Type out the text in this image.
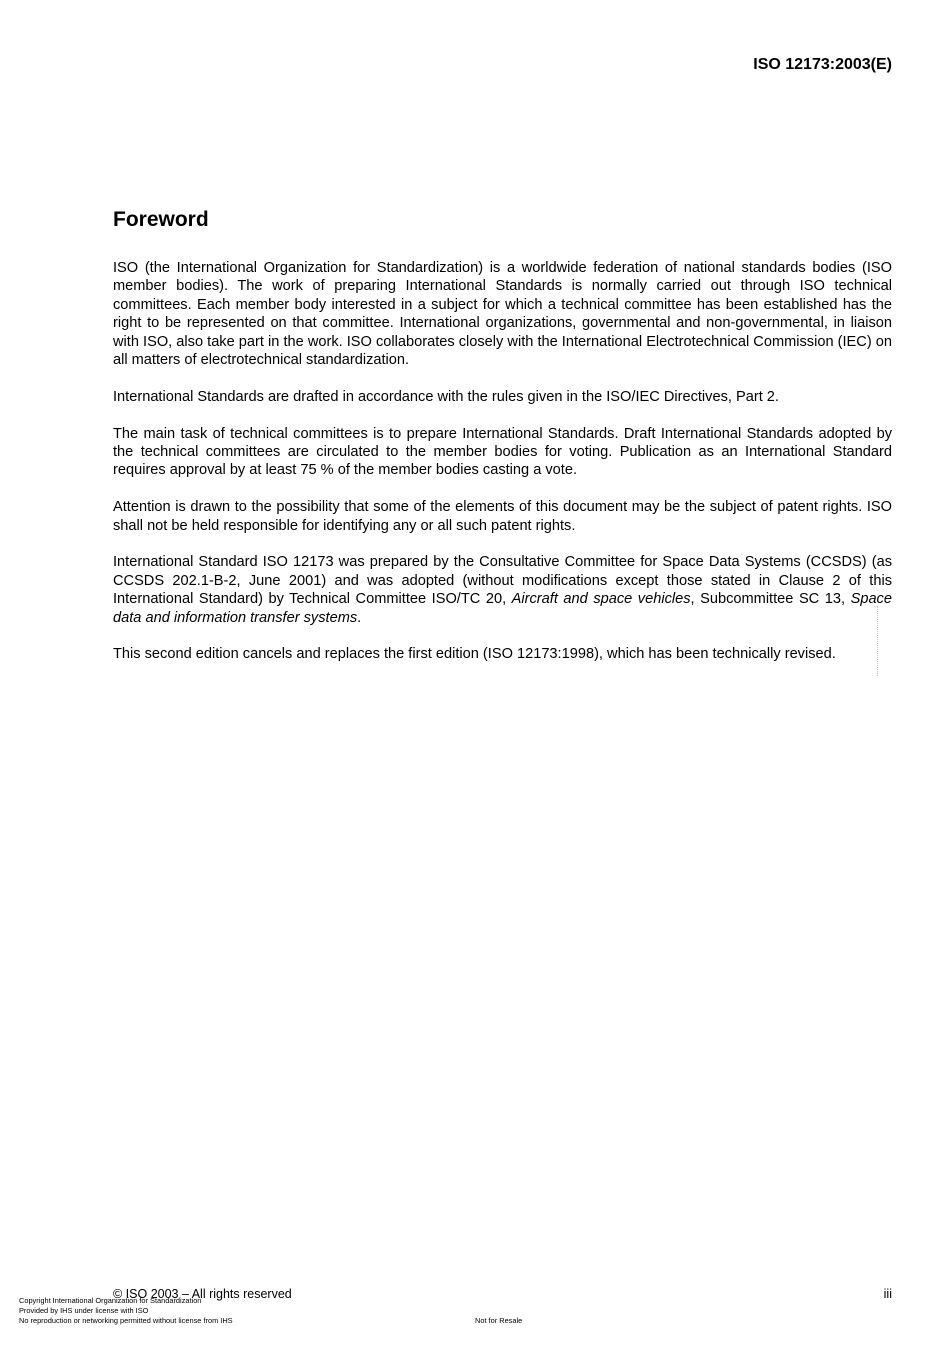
ISO 12173:2003(E)
Foreword

ISO (the International Organization for Standardization) is a worldwide federation of national standards bodies (ISO member bodies). The work of preparing International Standards is normally carried out through ISO technical committees. Each member body interested in a subject for which a technical committee has been established has the right to be represented on that committee. International organizations, governmental and non-governmental, in liaison with ISO, also take part in the work. ISO collaborates closely with the International Electrotechnical Commission (IEC) on all matters of electrotechnical standardization.

International Standards are drafted in accordance with the rules given in the ISO/IEC Directives, Part 2.

The main task of technical committees is to prepare International Standards. Draft International Standards adopted by the technical committees are circulated to the member bodies for voting. Publication as an International Standard requires approval by at least 75 % of the member bodies casting a vote.

Attention is drawn to the possibility that some of the elements of this document may be the subject of patent rights. ISO shall not be held responsible for identifying any or all such patent rights.

International Standard ISO 12173 was prepared by the Consultative Committee for Space Data Systems (CCSDS) (as CCSDS 202.1-B-2, June 2001) and was adopted (without modifications except those stated in Clause 2 of this International Standard) by Technical Committee ISO/TC 20, Aircraft and space vehicles, Subcommittee SC 13, Space data and information transfer systems.

This second edition cancels and replaces the first edition (ISO 12173:1998), which has been technically revised.

© ISO 2003 – All rights reserved	iii
Copyright International Organization for Standardization
Provided by IHS under license with ISO
No reproduction or networking permitted without license from IHS	Not for Resale
